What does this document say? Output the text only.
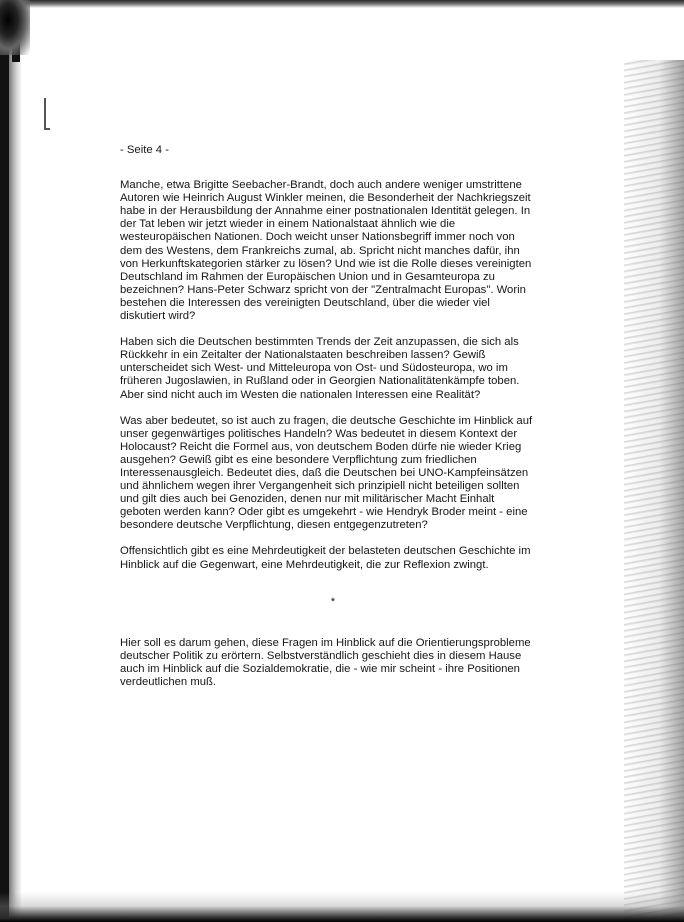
- Seite 4 -
Manche, etwa Brigitte Seebacher-Brandt, doch auch andere weniger umstrittene
Autoren wie Heinrich August Winkler meinen, die Besonderheit der Nachkriegszeit
habe in der Herausbildung der Annahme einer postnationalen Identität gelegen. In
der Tat leben wir jetzt wieder in einem Nationalstaat ähnlich wie die
westeuropäischen Nationen. Doch weicht unser Nationsbegriff immer noch von
dem des Westens, dem Frankreichs zumal, ab. Spricht nicht manches dafür, ihn
von Herkunftskategorien stärker zu lösen? Und wie ist die Rolle dieses vereinigten
Deutschland im Rahmen der Europäischen Union und in Gesamteuropa zu
bezeichnen? Hans-Peter Schwarz spricht von der "Zentralmacht Europas". Worin
bestehen die Interessen des vereinigten Deutschland, über die wieder viel
diskutiert wird?
Haben sich die Deutschen bestimmten Trends der Zeit anzupassen, die sich als
Rückkehr in ein Zeitalter der Nationalstaaten beschreiben lassen? Gewiß
unterscheidet sich West- und Mitteleuropa von Ost- und Südosteuropa, wo im
früheren Jugoslawien, in Rußland oder in Georgien Nationalitätenkämpfe toben.
Aber sind nicht auch im Westen die nationalen Interessen eine Realität?
Was aber bedeutet, so ist auch zu fragen, die deutsche Geschichte im Hinblick auf
unser gegenwärtiges politisches Handeln? Was bedeutet in diesem Kontext der
Holocaust? Reicht die Formel aus, von deutschem Boden dürfe nie wieder Krieg
ausgehen? Gewiß gibt es eine besondere Verpflichtung zum friedlichen
Interessenausgleich. Bedeutet dies, daß die Deutschen bei UNO-Kampfeinsätzen
und ähnlichem wegen ihrer Vergangenheit sich prinzipiell nicht beteiligen sollten
und gilt dies auch bei Genoziden, denen nur mit militärischer Macht Einhalt
geboten werden kann? Oder gibt es umgekehrt - wie Hendryk Broder meint - eine
besondere deutsche Verpflichtung, diesen entgegenzutreten?
Offensichtlich gibt es eine Mehrdeutigkeit der belasteten deutschen Geschichte im
Hinblick auf die Gegenwart, eine Mehrdeutigkeit, die zur Reflexion zwingt.
*
Hier soll es darum gehen, diese Fragen im Hinblick auf die Orientierungsprobleme
deutscher Politik zu erörtern. Selbstverständlich geschieht dies in diesem Hause
auch im Hinblick auf die Sozialdemokratie, die - wie mir scheint - ihre Positionen
verdeutlichen muß.
